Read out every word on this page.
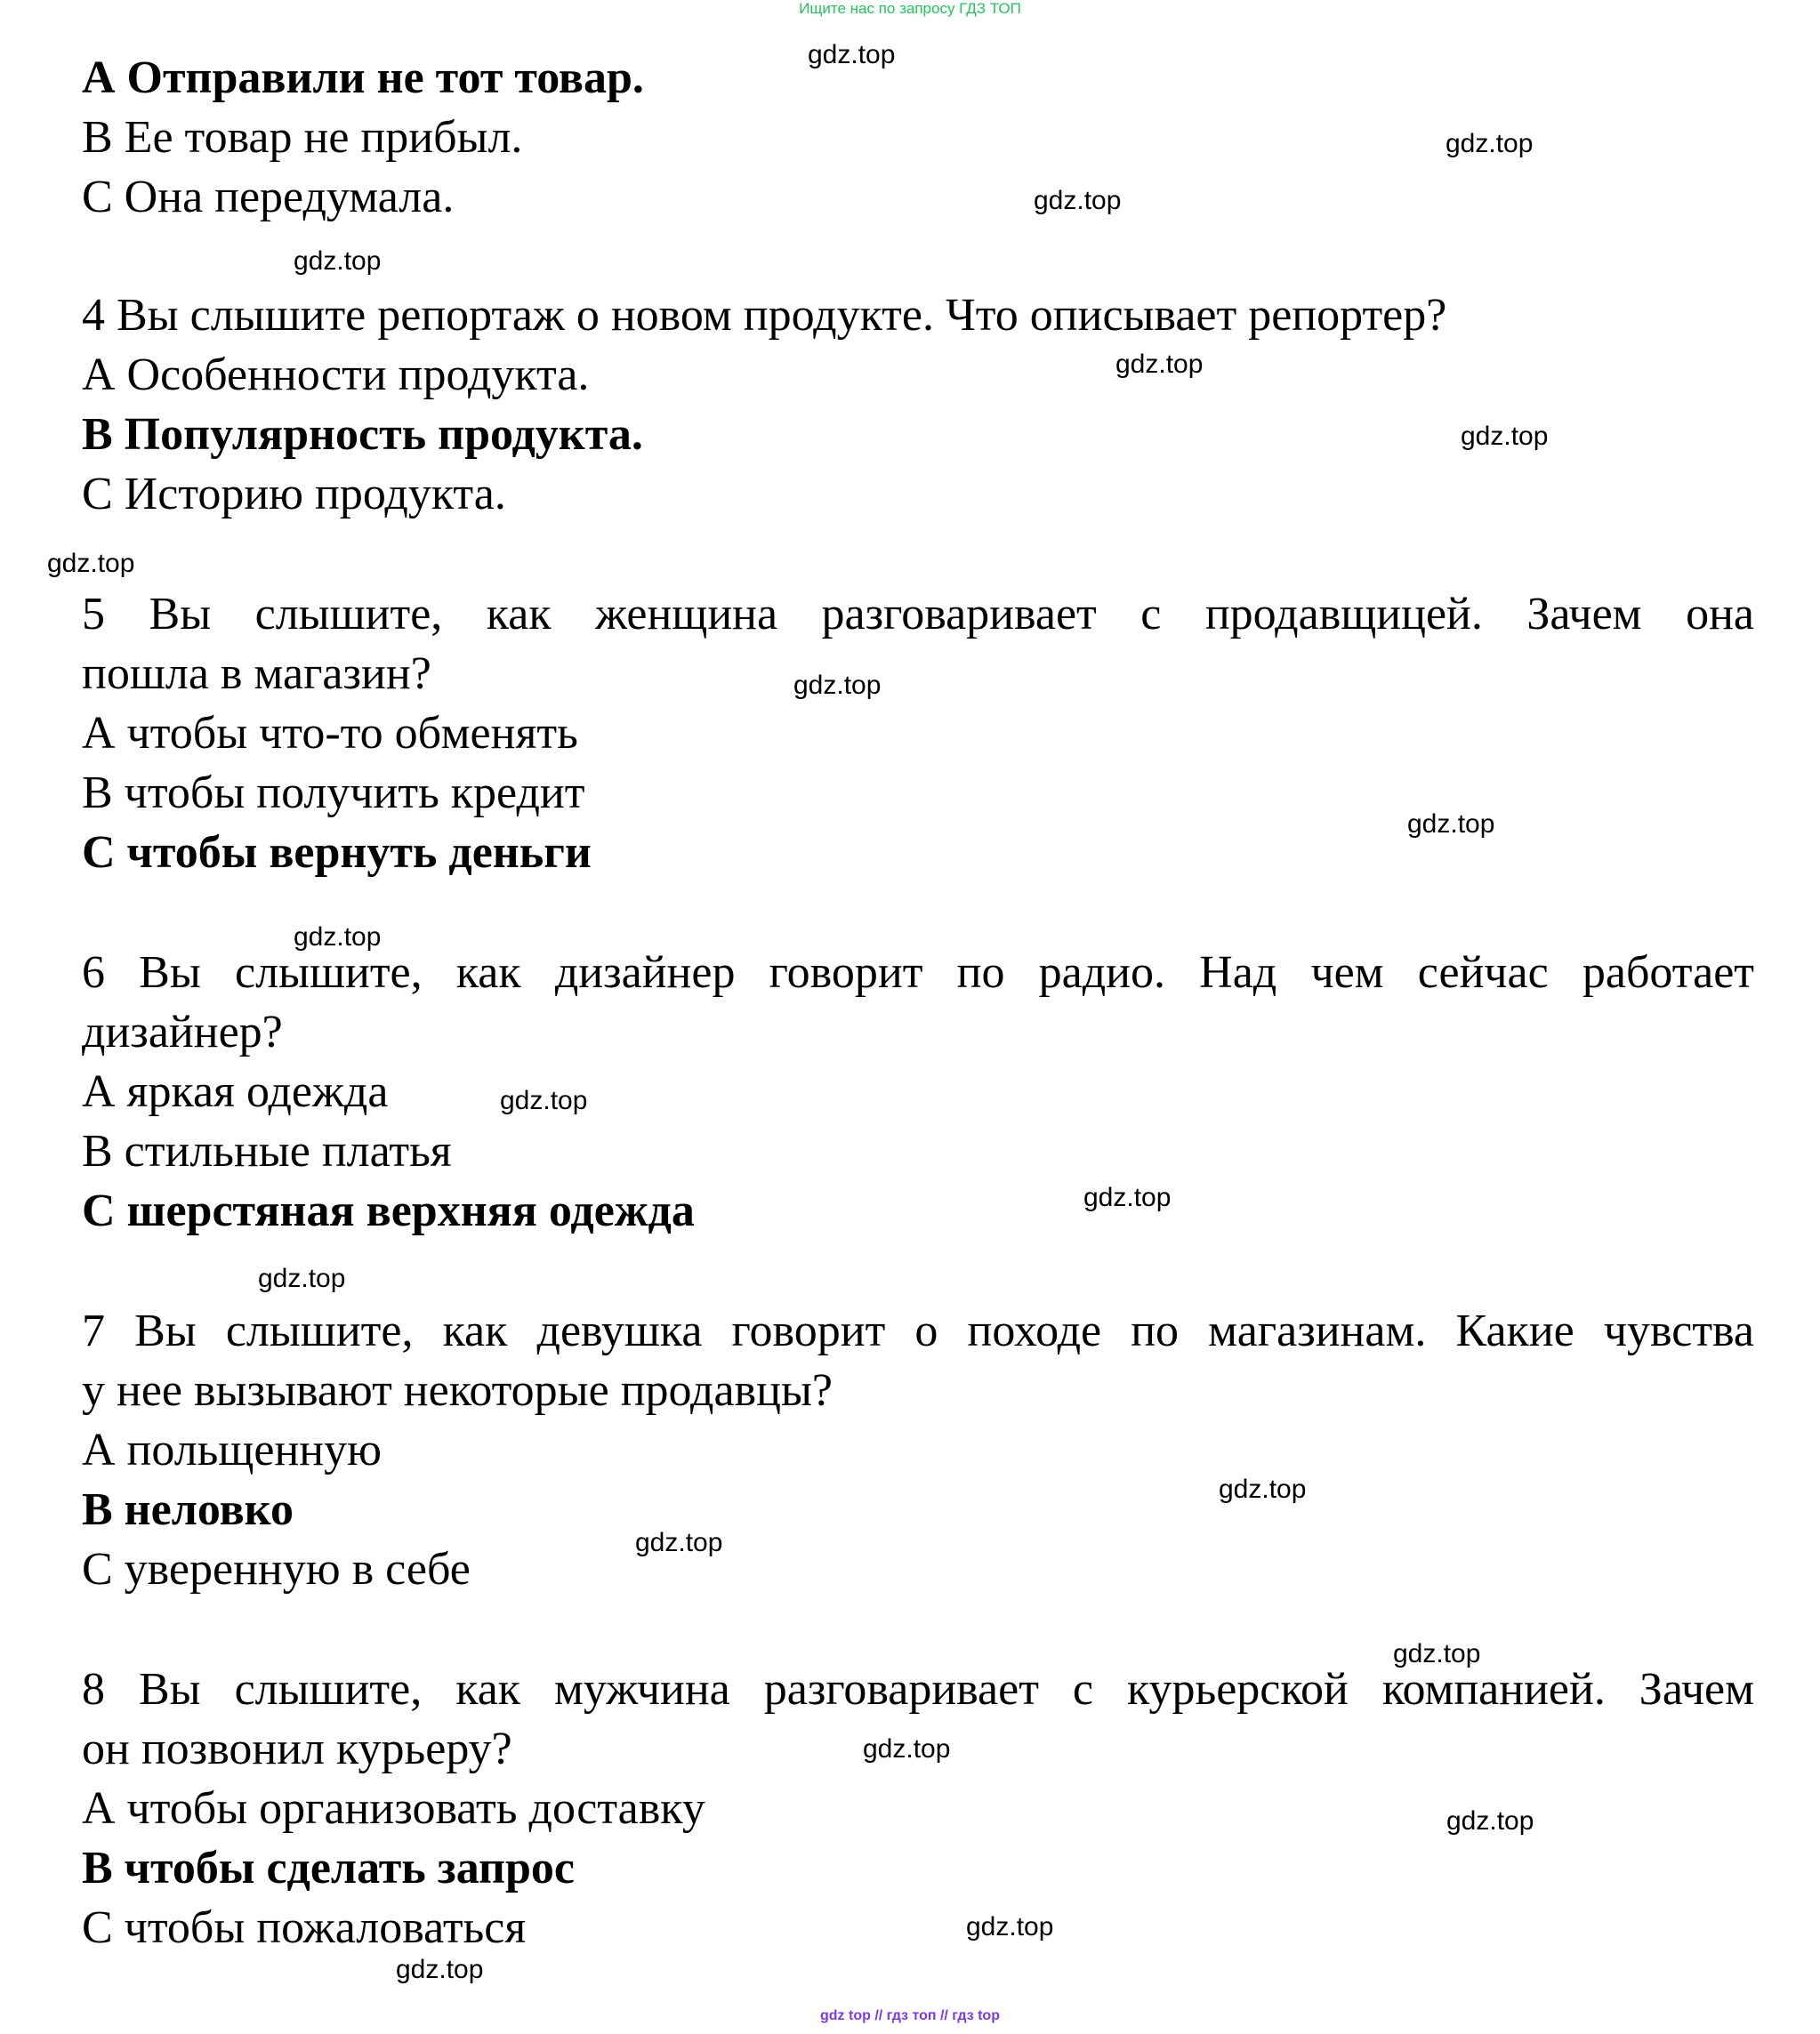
Ищите нас по запросу ГДЗ ТОП
А Отправили не тот товар.
В Ее товар не прибыл.
С Она передумала.
4 Вы слышите репортаж о новом продукте. Что описывает репортер?
А Особенности продукта.
В Популярность продукта.
С Историю продукта.
5 Вы слышите, как женщина разговаривает с продавщицей. Зачем она
пошла в магазин?
А чтобы что-то обменять
В чтобы получить кредит
С чтобы вернуть деньги
6 Вы слышите, как дизайнер говорит по радио. Над чем сейчас работает
дизайнер?
А яркая одежда
В стильные платья
С шерстяная верхняя одежда
7 Вы слышите, как девушка говорит о походе по магазинам. Какие чувства
у нее вызывают некоторые продавцы?
А польщенную
В неловко
С уверенную в себе
8 Вы слышите, как мужчина разговаривает с курьерской компанией. Зачем
он позвонил курьеру?
А чтобы организовать доставку
В чтобы сделать запрос
С чтобы пожаловаться
gdz.top
gdz.top
gdz.top
gdz.top
gdz.top
gdz.top
gdz.top
gdz.top
gdz.top
gdz.top
gdz.top
gdz.top
gdz.top
gdz.top
gdz.top
gdz.top
gdz.top
gdz.top
gdz.top
gdz.top
gdz top // гдз топ // гдз top
